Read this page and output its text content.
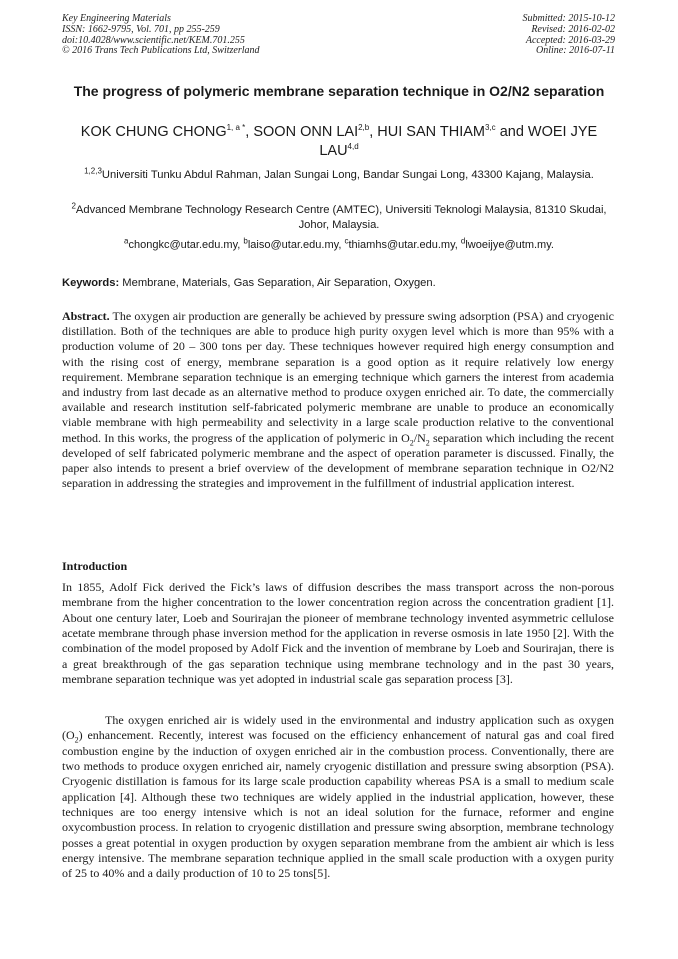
Key Engineering Materials
ISSN: 1662-9795, Vol. 701, pp 255-259
doi:10.4028/www.scientific.net/KEM.701.255
© 2016 Trans Tech Publications Ltd, Switzerland
Submitted: 2015-10-12
Revised: 2016-02-02
Accepted: 2016-03-29
Online: 2016-07-11
The progress of polymeric membrane separation technique in O2/N2 separation
KOK CHUNG $CHONG^{1, a *}$, SOON ONN LAI$^{2,b}$, HUI SAN THIAM$^{3,c}$ and WOEI JYE LAU$^{4,d}$
$^{1,2,3}$Universiti Tunku Abdul Rahman, Jalan Sungai Long, Bandar Sungai Long, 43300 Kajang, Malaysia.
$^2$Advanced Membrane Technology Research Centre (AMTEC), Universiti Teknologi Malaysia, 81310 Skudai, Johor, Malaysia.
$^a$chongkc@utar.edu.my, $^b$laiso@utar.edu.my, $^c$thiamhs@utar.edu.my, $^d$lwoeijye@utm.my.
Keywords: Membrane, Materials, Gas Separation, Air Separation, Oxygen.
Abstract. The oxygen air production are generally be achieved by pressure swing adsorption (PSA) and cryogenic distillation. Both of the techniques are able to produce high purity oxygen level which is more than 95% with a production volume of 20 – 300 tons per day. These techniques however required high energy consumption and with the rising cost of energy, membrane separation is a good option as it require relatively low energy requirement. Membrane separation technique is an emerging technique which garners the interest from academia and industry from last decade as an alternative method to produce oxygen enriched air. To date, the commercially available and research institution self-fabricated polymeric membrane are unable to produce an economically viable membrane with high permeability and selectivity in a large scale production relative to the conventional method. In this works, the progress of the application of polymeric in $O_2/N_2$ separation which including the recent developed of self fabricated polymeric membrane and the aspect of operation parameter is discussed. Finally, the paper also intends to present a brief overview of the development of membrane separation technique in O2/N2 separation in addressing the strategies and improvement in the fulfillment of industrial application interest.
Introduction
In 1855, Adolf Fick derived the Fick’s laws of diffusion describes the mass transport across the non-porous membrane from the higher concentration to the lower concentration region across the concentration gradient [1]. About one century later, Loeb and Sourirajan the pioneer of membrane technology invented asymmetric cellulose acetate membrane through phase inversion method for the application in reverse osmosis in late 1950 [2]. With the combination of the model proposed by Adolf Fick and the invention of membrane by Loeb and Sourirajan, there is a great breakthrough of the gas separation technique using membrane technology and in the past 30 years, membrane separation technique was yet adopted in industrial scale gas separation process [3].
The oxygen enriched air is widely used in the environmental and industry application such as oxygen $(O_2)$ enhancement. Recently, interest was focused on the efficiency enhancement of natural gas and coal fired combustion engine by the induction of oxygen enriched air in the combustion process. Conventionally, there are two methods to produce oxygen enriched air, namely cryogenic distillation and pressure swing absorption (PSA). Cryogenic distillation is famous for its large scale production capability whereas PSA is a small to medium scale application [4]. Although these two techniques are widely applied in the industrial application, however, these techniques are too energy intensive which is not an ideal solution for the furnace, reformer and engine oxycombustion process. In relation to cryogenic distillation and pressure swing absorption, membrane technology posses a great potential in oxygen production by oxygen separation membrane from the ambient air which is less energy intensive. The membrane separation technique applied in the small scale production with a oxygen purity of 25 to 40% and a daily production of 10 to 25 tons[5].
